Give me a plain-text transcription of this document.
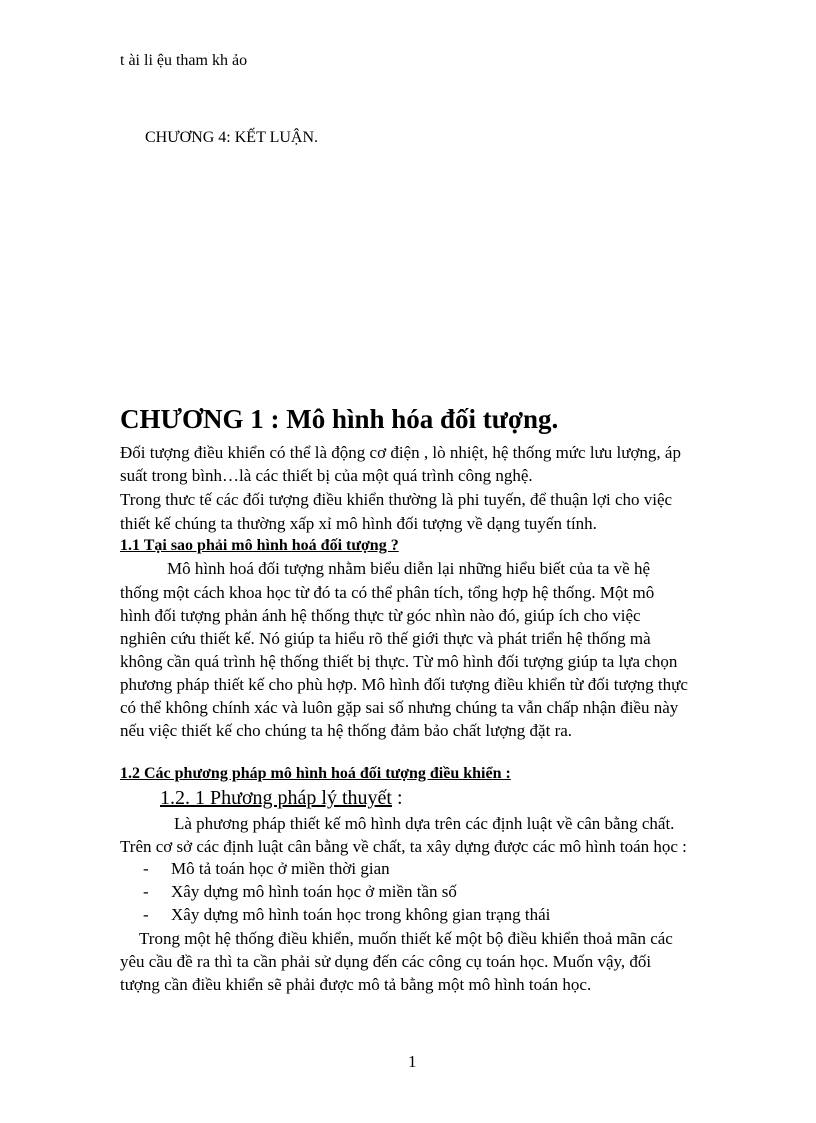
t ài li ệu tham kh ảo
CHƯƠNG 4: KẾT LUẬN.
CHƯƠNG 1 : Mô hình hóa đối tượng.
Đối tượng điều khiển có thể là động cơ điện , lò nhiệt, hệ thống mức lưu lượng, áp
suất trong bình…là các thiết bị của một quá trình công nghệ.
Trong thưc tế các đối tượng điều khiển thường là phi tuyến, để thuận lợi cho việc
thiết kế chúng ta thường xấp xỉ mô hình đối tượng về dạng tuyến tính.
1.1 Tại sao phải mô hình hoá đối tượng ?
Mô hình hoá đối tượng nhằm biểu diễn lại những hiểu biết của ta về hệ
thống một cách khoa học từ đó ta có thể phân tích, tổng hợp hệ thống. Một mô
hình đối tượng phản ánh hệ thống thực từ góc nhìn nào đó, giúp ích cho việc
nghiên cứu thiết kế. Nó giúp ta hiểu rõ thế giới thực và phát triển hệ thống mà
không cần quá trình hệ thống thiết bị thực. Từ mô hình đối tượng giúp ta lựa chọn
phương pháp thiết kế cho phù hợp. Mô hình đối tượng điều khiển từ đối tượng thực
có thể không chính xác và luôn gặp sai số nhưng chúng ta vẫn chấp nhận điều này
nếu việc thiết kế cho chúng ta hệ thống đảm bảo chất lượng đặt ra.
1.2 Các phương pháp mô hình hoá đối tượng điều khiển :
1.2. 1 Phương pháp lý thuyết :
Là phương pháp thiết kế mô hình dựa trên các định luật về cân bằng chất.
Trên cơ sở các định luật cân bằng về chất, ta xây dựng được các mô hình toán học :
- Mô tả toán học ở miền thời gian
- Xây dựng mô hình toán học ở miền tần số
- Xây dựng mô hình toán học trong không gian trạng thái
Trong một hệ thống điều khiển, muốn thiết kế một bộ điều khiển thoả mãn các
yêu cầu đề ra thì ta cần phải sử dụng đến các công cụ toán học. Muốn vậy, đối
tượng cần điều khiển sẽ phải được mô tả bằng một mô hình toán học.
1
